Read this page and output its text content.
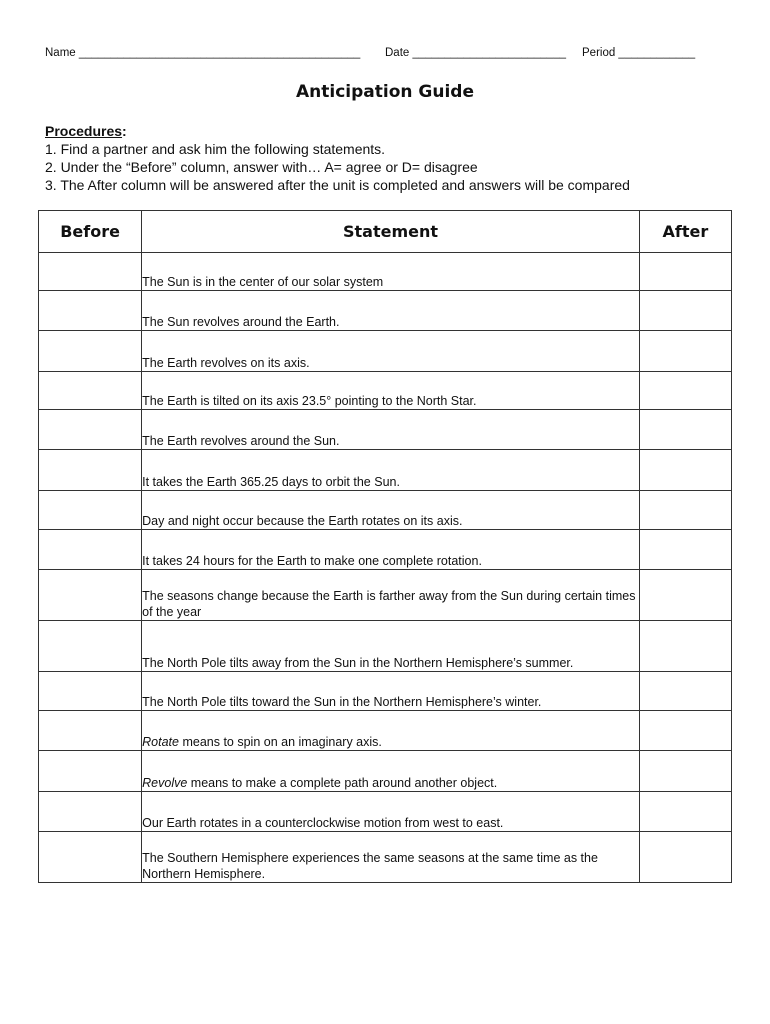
Name ____________________________________________ Date ________________________ Period ____________
Anticipation Guide
Procedures:
1. Find a partner and ask him the following statements.
2. Under the “Before” column, answer with… A= agree or D= disagree
3. The After column will be answered after the unit is completed and answers will be compared
Before	Statement	After
	The Sun is in the center of our solar system	
	The Sun revolves around the Earth.	
	The Earth revolves on its axis.	
	The Earth is tilted on its axis 23.5° pointing to the North Star.	
	The Earth revolves around the Sun.	
	It takes the Earth 365.25 days to orbit the Sun.	
	Day and night occur because the Earth rotates on its axis.	
	It takes 24 hours for the Earth to make one complete rotation.	
	The seasons change because the Earth is farther away from the Sun during certain times of the year	
	The North Pole tilts away from the Sun in the Northern Hemisphere’s summer.	
	The North Pole tilts toward the Sun in the Northern Hemisphere’s winter.	
	Rotate means to spin on an imaginary axis.	
	Revolve means to make a complete path around another object.	
	Our Earth rotates in a counterclockwise motion from west to east.	
	The Southern Hemisphere experiences the same seasons at the same time as the Northern Hemisphere.	
